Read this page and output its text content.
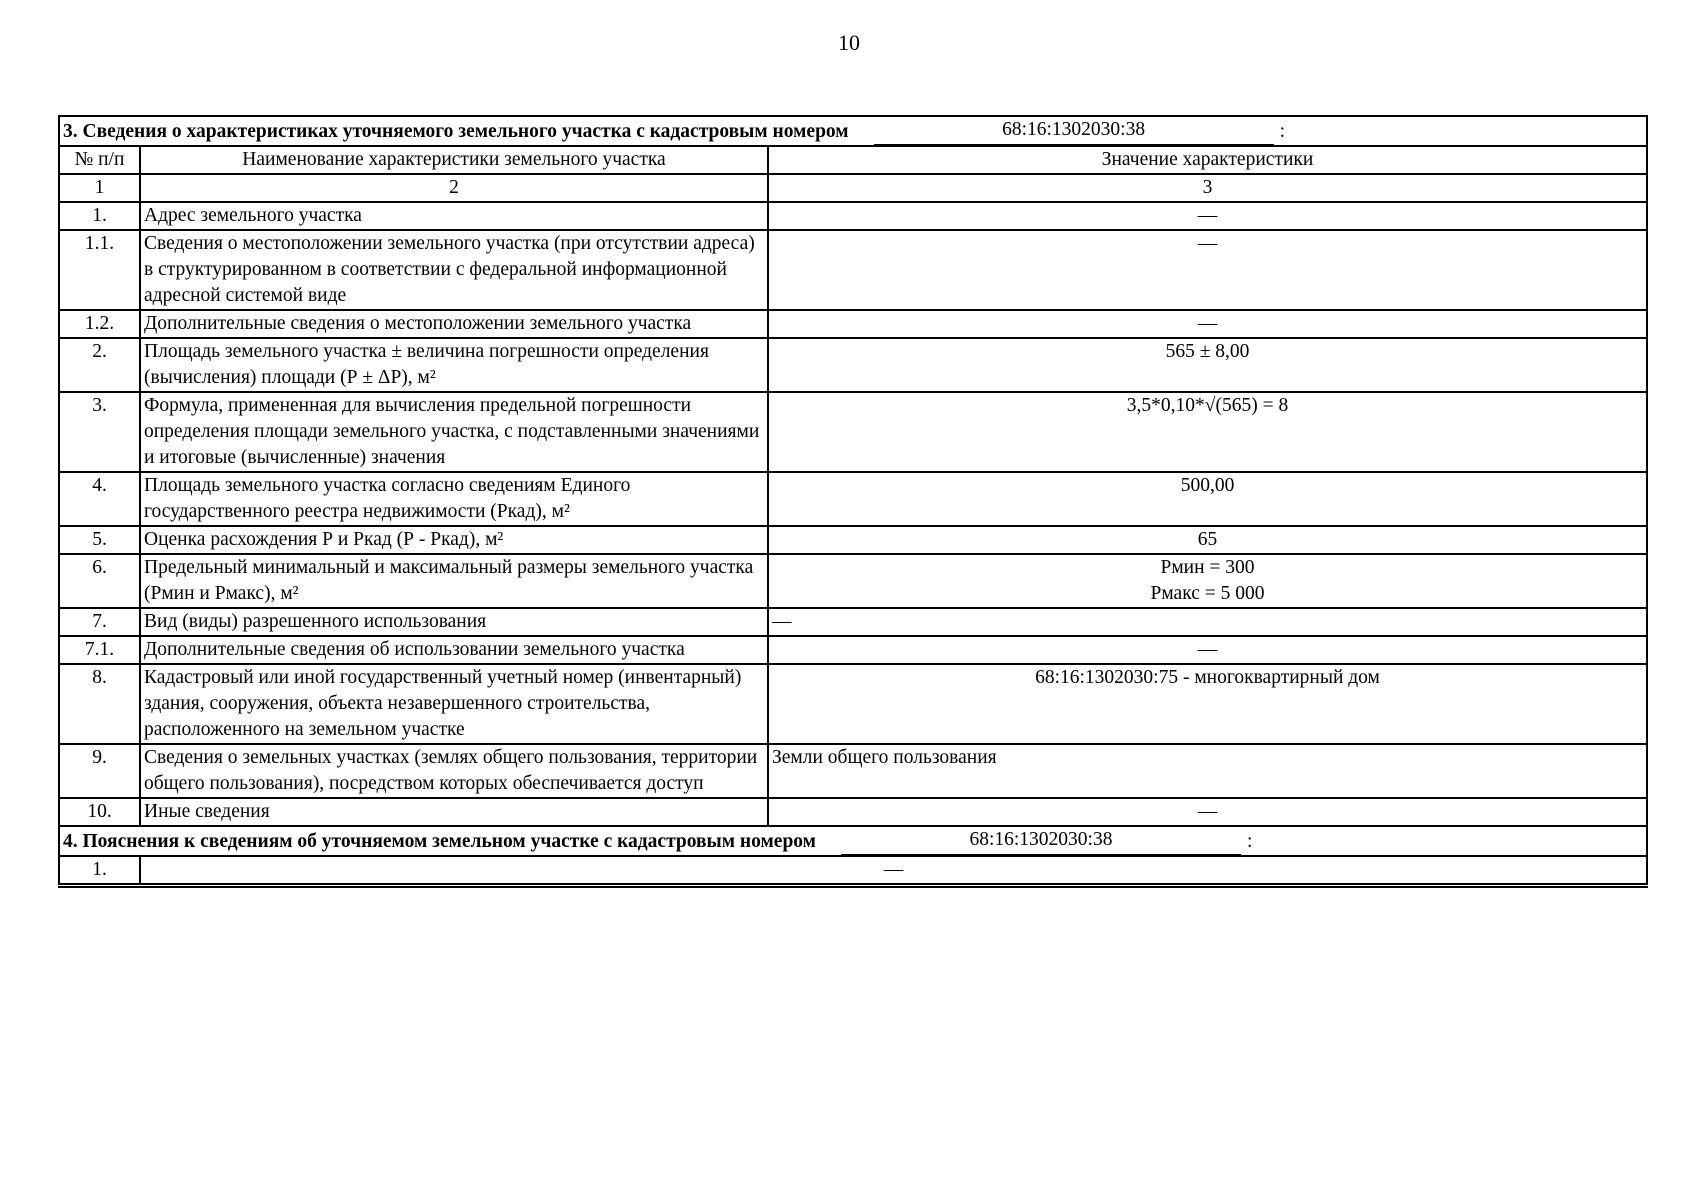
10
3. Сведения о характеристиках уточняемого земельного участка с кадастровым номером 68:16:1302030:38 :		

№ п/п	Наименование характеристики земельного участка	Значение характеристики
1	2	3
1.	Адрес земельного участка	—
1.1.	Сведения о местоположении земельного участка (при отсутствии адреса) в структурированном в соответствии с федеральной информационной адресной системой виде	—
1.2.	Дополнительные сведения о местоположении земельного участка	—
2.	Площадь земельного участка ± величина погрешности определения (вычисления) площади (Р ± ΔР), м²	565 ± 8,00
3.	Формула, примененная для вычисления предельной погрешности определения площади земельного участка, с подставленными значениями и итоговые (вычисленные) значения	3,5*0,10*√(565) = 8
4.	Площадь земельного участка согласно сведениям Единого государственного реестра недвижимости (Ркад), м²	500,00
5.	Оценка расхождения Р и Ркад (Р - Ркад), м²	65
6.	Предельный минимальный и максимальный размеры земельного участка (Рмин и Рмакс), м²	Рмин = 300
Рмакс = 5 000

7.	Вид (виды) разрешенного использования	—
7.1.	Дополнительные сведения об использовании земельного участка	—
8.	Кадастровый или иной государственный учетный номер (инвентарный) здания, сооружения, объекта незавершенного строительства, расположенного на земельном участке	68:16:1302030:75 - многоквартирный дом
9.	Сведения о земельных участках (землях общего пользования, территории общего пользования), посредством которых обеспечивается доступ	Земли общего пользования
10.	Иные сведения	—

4. Пояснения к сведениям об уточняемом земельном участке с кадастровым номером 68:16:1302030:38 :		

1.	—	
